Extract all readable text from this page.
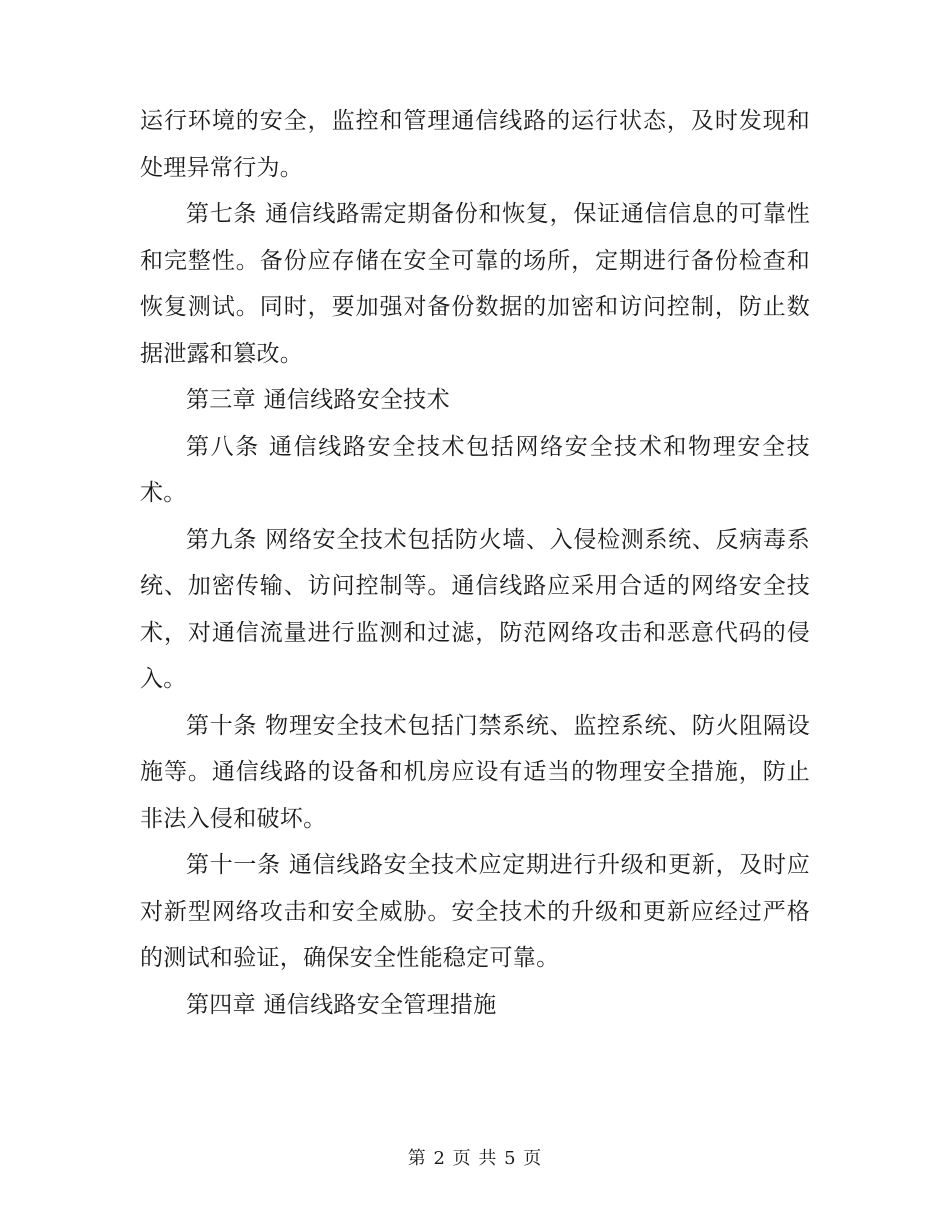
运行环境的安全，监控和管理通信线路的运行状态，及时发现和处理异常行为。

第七条 通信线路需定期备份和恢复，保证通信信息的可靠性和完整性。备份应存储在安全可靠的场所，定期进行备份检查和恢复测试。同时，要加强对备份数据的加密和访问控制，防止数据泄露和篡改。

第三章 通信线路安全技术

第八条 通信线路安全技术包括网络安全技术和物理安全技术。

第九条 网络安全技术包括防火墙、入侵检测系统、反病毒系统、加密传输、访问控制等。通信线路应采用合适的网络安全技术，对通信流量进行监测和过滤，防范网络攻击和恶意代码的侵入。

第十条 物理安全技术包括门禁系统、监控系统、防火阻隔设施等。通信线路的设备和机房应设有适当的物理安全措施，防止非法入侵和破坏。

第十一条 通信线路安全技术应定期进行升级和更新，及时应对新型网络攻击和安全威胁。安全技术的升级和更新应经过严格的测试和验证，确保安全性能稳定可靠。

第四章 通信线路安全管理措施

第 2 页 共 5 页
